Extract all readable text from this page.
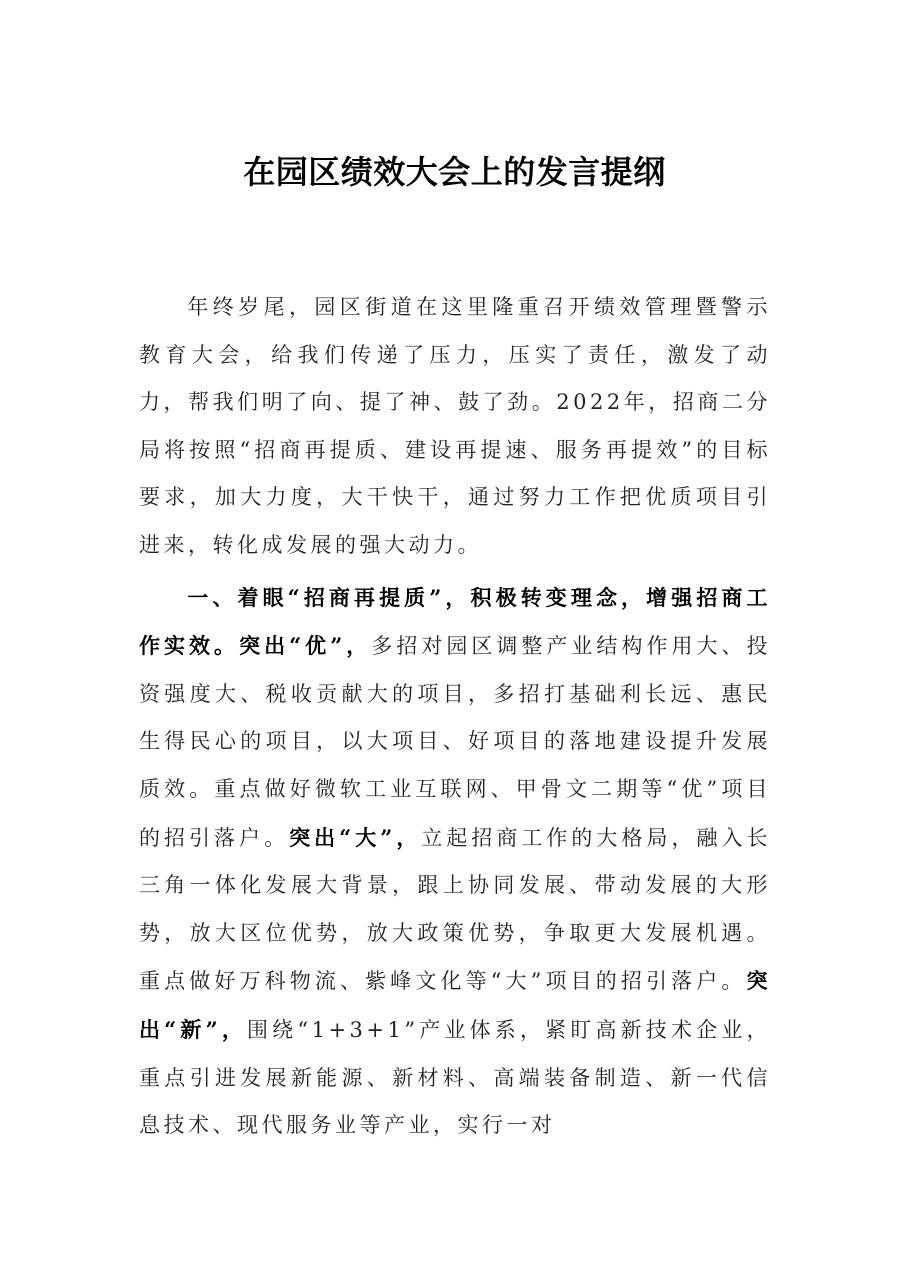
在园区绩效大会上的发言提纲

年终岁尾，园区街道在这里隆重召开绩效管理暨警示教育大会，给我们传递了压力，压实了责任，激发了动力，帮我们明了向、提了神、鼓了劲。2022年，招商二分局将按照“招商再提质、建设再提速、服务再提效”的目标要求，加大力度，大干快干，通过努力工作把优质项目引进来，转化成发展的强大动力。

一、着眼“招商再提质”，积极转变理念，增强招商工作实效。突出“优”，多招对园区调整产业结构作用大、投资强度大、税收贡献大的项目，多招打基础利长远、惠民生得民心的项目，以大项目、好项目的落地建设提升发展质效。重点做好微软工业互联网、甲骨文二期等“优”项目的招引落户。突出“大”，立起招商工作的大格局，融入长三角一体化发展大背景，跟上协同发展、带动发展的大形势，放大区位优势，放大政策优势，争取更大发展机遇。重点做好万科物流、紫峰文化等“大”项目的招引落户。突出“新”，围绕“1+3+1”产业体系，紧盯高新技术企业，重点引进发展新能源、新材料、高端装备制造、新一代信息技术、现代服务业等产业，实行一对
